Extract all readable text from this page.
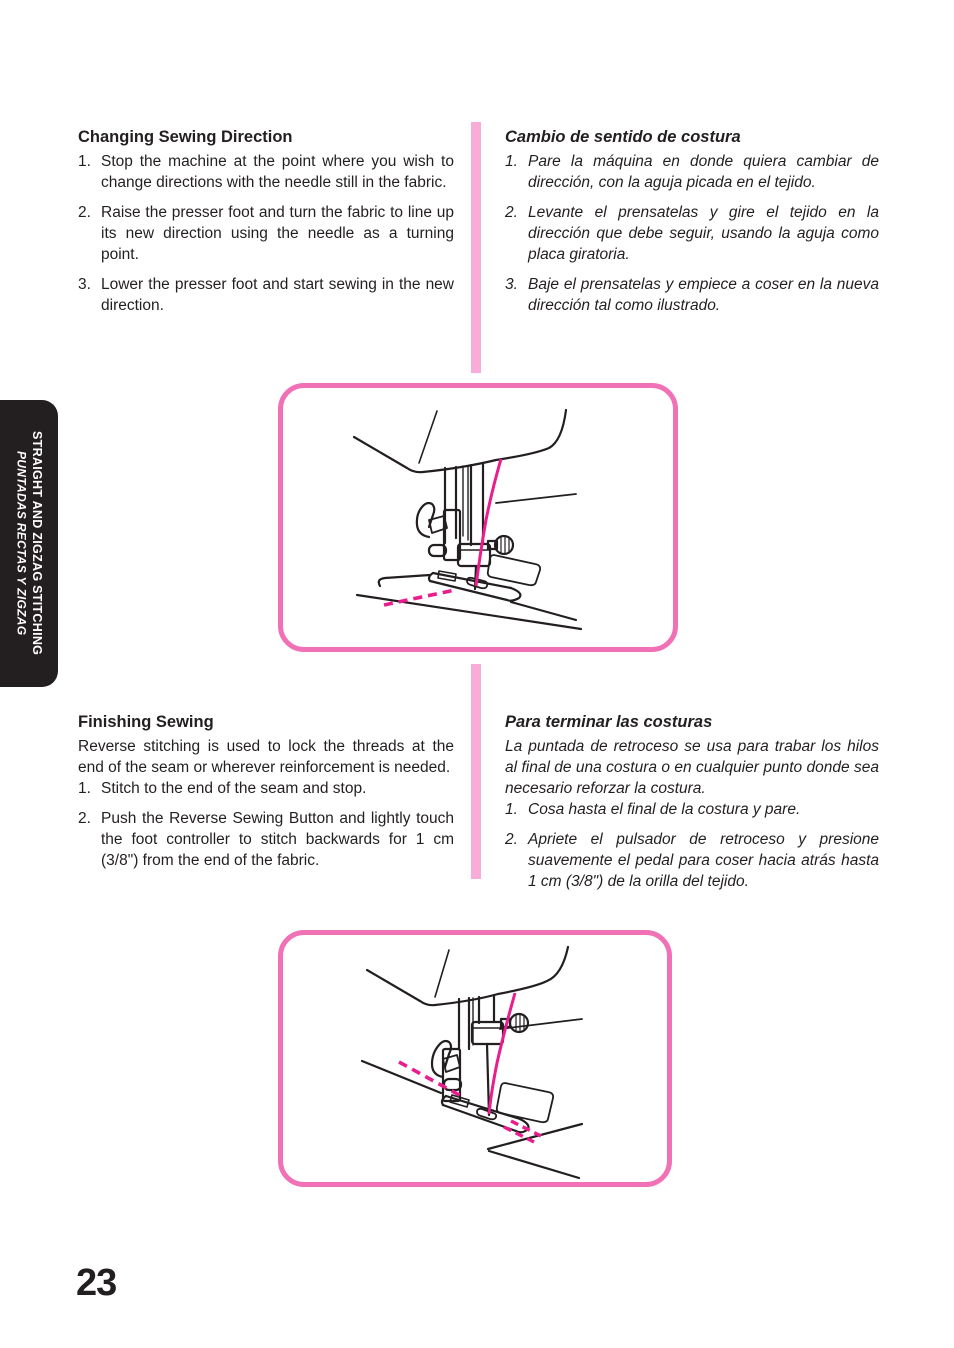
STRAIGHT AND ZIGZAG STITCHING
PUNTADAS RECTAS Y ZIGZAG
Changing Sewing Direction
1. Stop the machine at the point where you wish to change directions with the needle still in the fabric.
2. Raise the presser foot and turn the fabric to line up its new direction using the needle as a turning point.
3. Lower the presser foot and start sewing in the new direction.
Cambio de sentido de costura
1. Pare la máquina en donde quiera cambiar de dirección, con la aguja picada en el tejido.
2. Levante el prensatelas y gire el tejido en la dirección que debe seguir, usando la aguja como placa giratoria.
3. Baje el prensatelas y empiece a coser en la nueva dirección tal como ilustrado.
Finishing Sewing

Reverse stitching is used to lock the threads at the end of the seam or wherever reinforcement is needed.

1. Stitch to the end of the seam and stop.
2. Push the Reverse Sewing Button and lightly touch the foot controller to stitch backwards for 1 cm (3/8") from the end of the fabric.
Para terminar las costuras

La puntada de retroceso se usa para trabar los hilos al final de una costura o en cualquier punto donde sea necesario reforzar la costura.

1. Cosa hasta el final de la costura y pare.
2. Apriete el pulsador de retroceso y presione suavemente el pedal para coser hacia atrás hasta 1 cm (3/8") de la orilla del tejido.
23
